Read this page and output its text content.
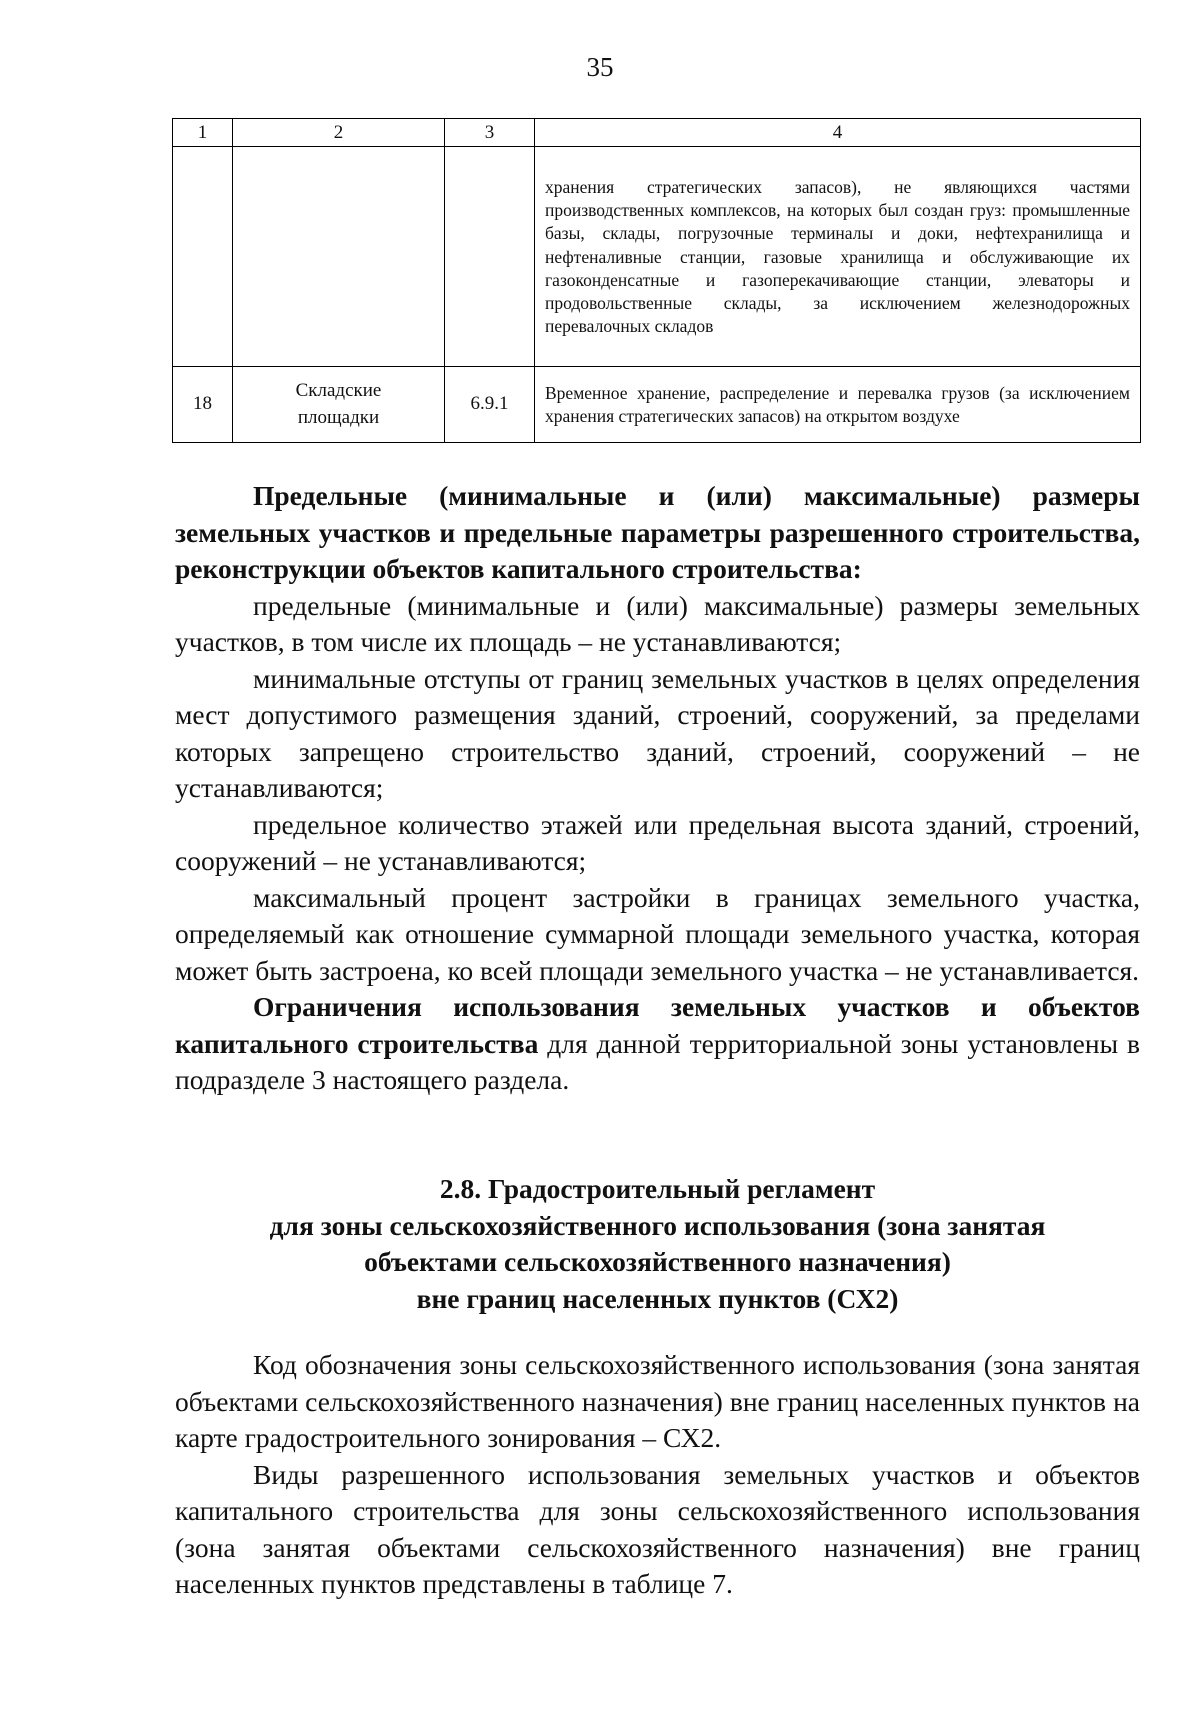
35
1	2	3	4
			хранения стратегических запасов), не являющихся частями производственных комплексов, на которых был создан груз: промышленные базы, склады, погрузочные терминалы и доки, нефтехранилища и нефтеналивные станции, газовые хранилища и обслуживающие их газоконденсатные и газоперекачивающие станции, элеваторы и продовольственные склады, за исключением железнодорожных перевалочных складов
18	Складские площадки	6.9.1	Временное хранение, распределение и перевалка грузов (за исключением хранения стратегических запасов) на открытом воздухе

Предельные (минимальные и (или) максимальные) размеры земельных участков и предельные параметры разрешенного строительства, реконструкции объектов капитального строительства:

предельные (минимальные и (или) максимальные) размеры земельных участков, в том числе их площадь – не устанавливаются;

минимальные отступы от границ земельных участков в целях определения мест допустимого размещения зданий, строений, сооружений, за пределами которых запрещено строительство зданий, строений, сооружений – не устанавливаются;

предельное количество этажей или предельная высота зданий, строений, сооружений – не устанавливаются;

максимальный процент застройки в границах земельного участка, определяемый как отношение суммарной площади земельного участка, которая может быть застроена, ко всей площади земельного участка – не устанавливается.

Ограничения использования земельных участков и объектов капитального строительства для данной территориальной зоны установлены в подразделе 3 настоящего раздела.

2.8. Градостроительный регламент
для зоны сельскохозяйственного использования (зона занятая
объектами сельскохозяйственного назначения)
вне границ населенных пунктов (СХ2)

Код обозначения зоны сельскохозяйственного использования (зона занятая объектами сельскохозяйственного назначения) вне границ населенных пунктов на карте градостроительного зонирования – СХ2.

Виды разрешенного использования земельных участков и объектов капитального строительства для зоны сельскохозяйственного использования (зона занятая объектами сельскохозяйственного назначения) вне границ населенных пунктов представлены в таблице 7.
